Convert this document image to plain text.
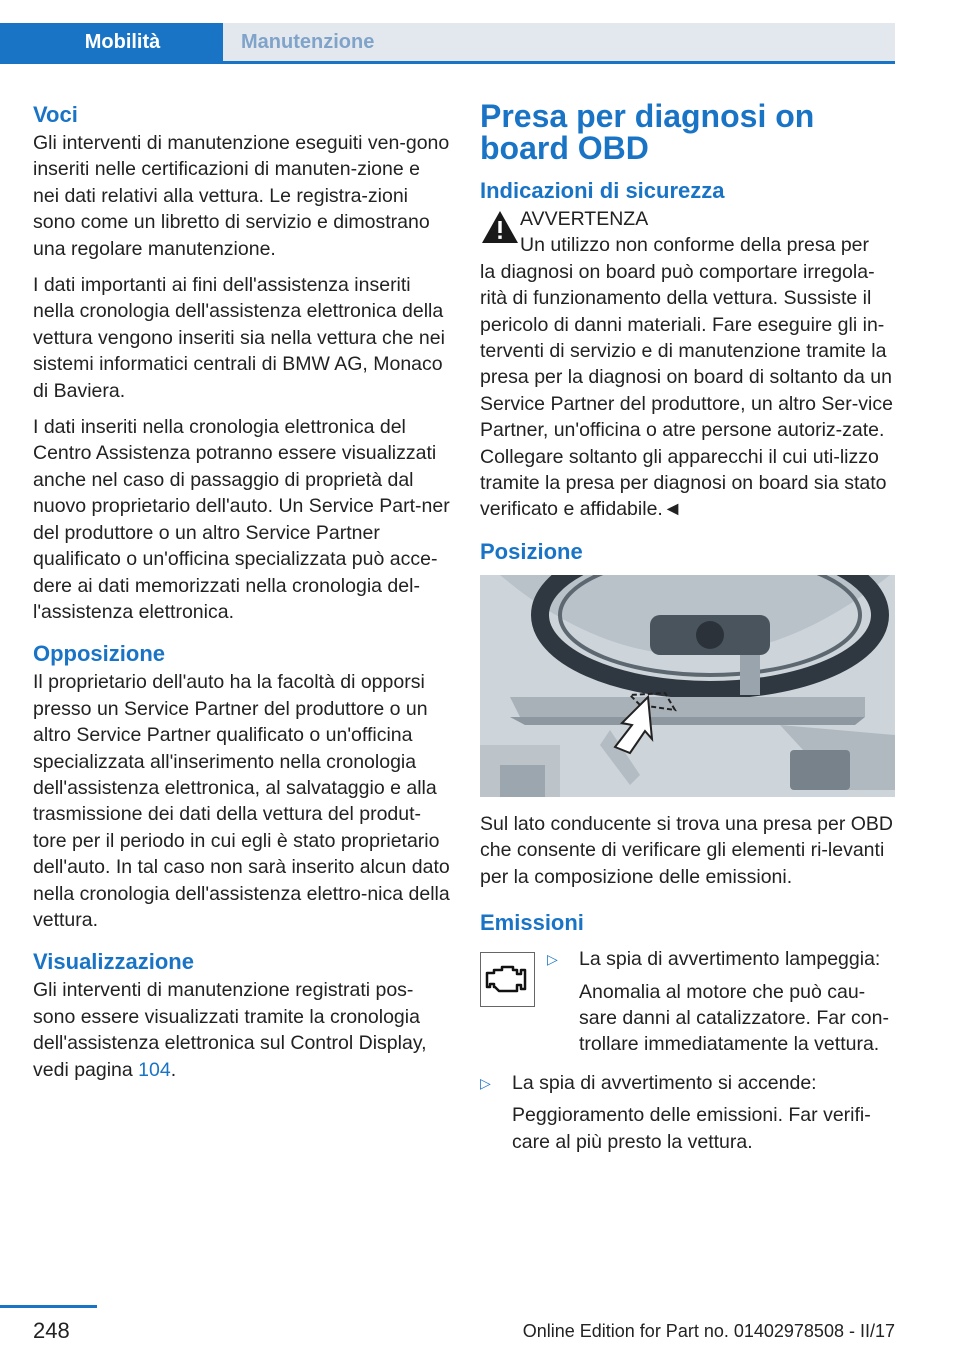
Mobilità	Manutenzione
Voci

Gli interventi di manutenzione eseguiti ven-gono inseriti nelle certificazioni di manuten-zione e nei dati relativi alla vettura. Le registra-zioni sono come un libretto di servizio e dimostrano una regolare manutenzione.

I dati importanti ai fini dell'assistenza inseriti nella cronologia dell'assistenza elettronica della vettura vengono inseriti sia nella vettura che nei sistemi informatici centrali di BMW AG, Monaco di Baviera.

I dati inseriti nella cronologia elettronica del Centro Assistenza potranno essere visualizzati anche nel caso di passaggio di proprietà dal nuovo proprietario dell'auto. Un Service Part-ner del produttore o un altro Service Partner qualificato o un'officina specializzata può acce-dere ai dati memorizzati nella cronologia del-l'assistenza elettronica.

Opposizione

Il proprietario dell'auto ha la facoltà di opporsi presso un Service Partner del produttore o un altro Service Partner qualificato o un'officina specializzata all'inserimento nella cronologia dell'assistenza elettronica, al salvataggio e alla trasmissione dei dati della vettura del produt-tore per il periodo in cui egli è stato proprietario dell'auto. In tal caso non sarà inserito alcun dato nella cronologia dell'assistenza elettro-nica della vettura.

Visualizzazione

Gli interventi di manutenzione registrati pos-sono essere visualizzati tramite la cronologia dell'assistenza elettronica sul Control Display, vedi pagina 104.

Presa per diagnosi on board OBD
Indicazioni di sicurezza
AVVERTENZA

Un utilizzo non conforme della presa per

la diagnosi on board può comportare irregola-rità di funzionamento della vettura. Sussiste il pericolo di danni materiali. Fare eseguire gli in-terventi di servizio e di manutenzione tramite la presa per la diagnosi on board di soltanto da un Service Partner del produttore, un altro Ser-vice Partner, un'officina o atre persone autoriz-zate. Collegare soltanto gli apparecchi il cui uti-lizzo tramite la presa per diagnosi on board sia stato verificato e affidabile.◄

Posizione

Sul lato conducente si trova una presa per OBD che consente di verificare gli elementi ri-levanti per la composizione delle emissioni.

Emissioni
▷ La spia di avvertimento lampeggia:

Anomalia al motore che può cau-sare danni al catalizzatore. Far con-trollare immediatamente la vettura.

▷ La spia di avvertimento si accende:

Peggioramento delle emissioni. Far verifi-care al più presto la vettura.

248	Online Edition for Part no. 01402978508 - II/17
